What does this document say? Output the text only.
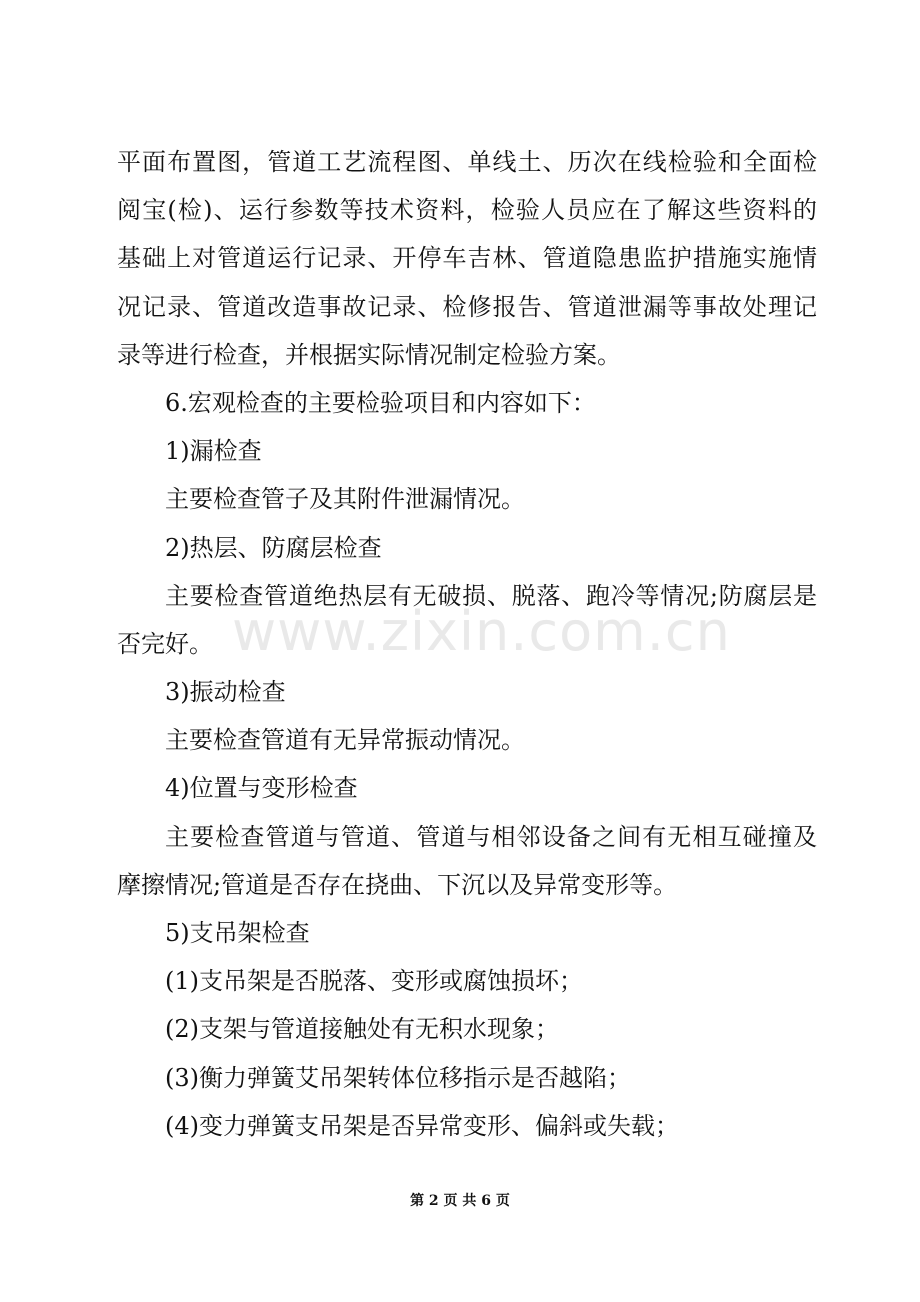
平面布置图，管道工艺流程图、单线土、历次在线检验和全面检
阅宝(检)、运行参数等技术资料，检验人员应在了解这些资料的
基础上对管道运行记录、开停车吉林、管道隐患监护措施实施情
况记录、管道改造事故记录、检修报告、管道泄漏等事故处理记
录等进行检查，并根据实际情况制定检验方案。
6.宏观检查的主要检验项目和内容如下：
1)漏检查
主要检查管子及其附件泄漏情况。
2)热层、防腐层检查
主要检查管道绝热层有无破损、脱落、跑冷等情况;防腐层是
否完好。
3)振动检查
主要检查管道有无异常振动情况。
4)位置与变形检查
主要检查管道与管道、管道与相邻设备之间有无相互碰撞及
摩擦情况;管道是否存在挠曲、下沉以及异常变形等。
5)支吊架检查
(1)支吊架是否脱落、变形或腐蚀损坏；
(2)支架与管道接触处有无积水现象；
(3)衡力弹簧艾吊架转体位移指示是否越陷；
(4)变力弹簧支吊架是否异常变形、偏斜或失载；
www.zixin.com.cn
第 2 页 共 6 页
